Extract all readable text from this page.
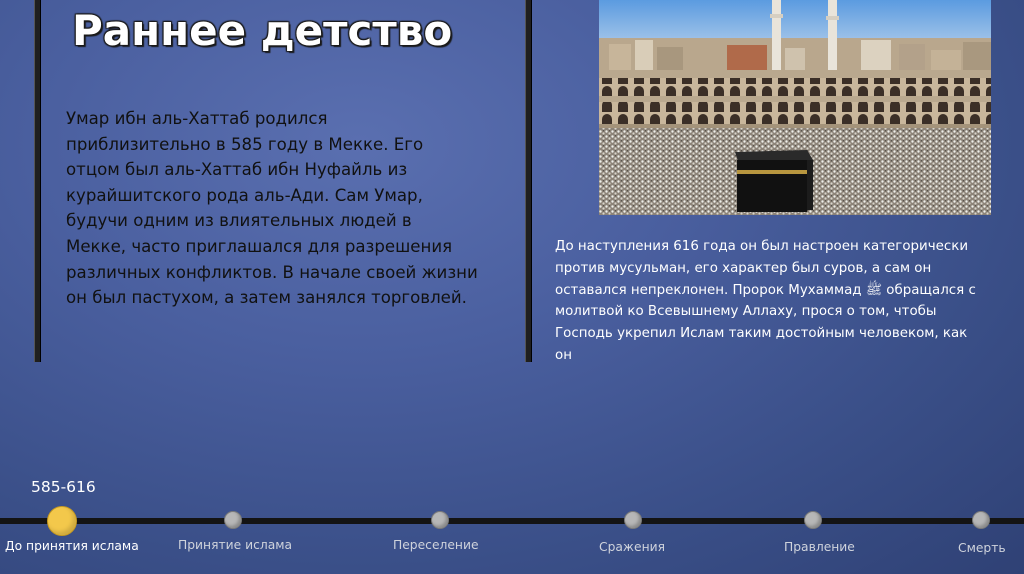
Раннее детство

Умар ибн аль-Хаттаб родился
приблизительно в 585 году в Мекке. Его
отцом был аль-Хаттаб ибн Нуфайль из
курайшитского рода аль-Ади. Сам Умар,
будучи одним из влиятельных людей в
Мекке, часто приглашался для разрешения
различных конфликтов. В начале своей жизни
он был пастухом, а затем занялся торговлей.

До наступления 616 года он был настроен категорически
против мусульман, его характер был суров, а сам он
оставался непреклонен. Пророк Мухаммад ﷺ обращался с
молитвой ко Всевышнему Аллаху, прося о том, чтобы
Господь укрепил Ислам таким достойным человеком, как
он

585-616
До принятия ислама	Принятие ислама	Переселение	Сражения	Правление	Смерть
